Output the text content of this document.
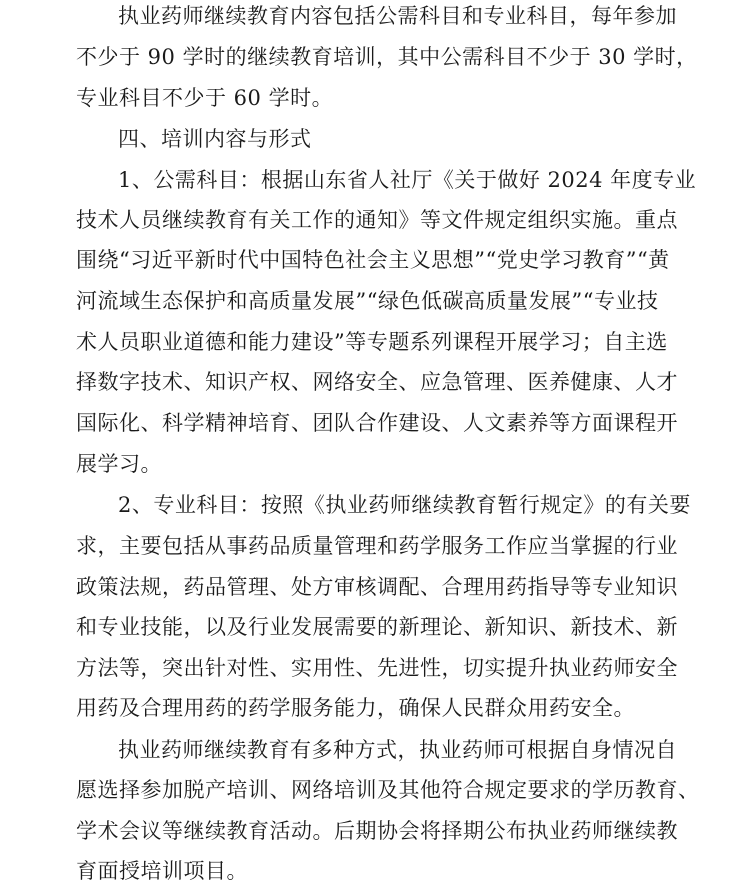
执业药师继续教育内容包括公需科目和专业科目，每年参加
不少于 90 学时的继续教育培训，其中公需科目不少于 30 学时，
专业科目不少于 60 学时。
四、培训内容与形式
1、公需科目：根据山东省人社厅《关于做好 2024 年度专业
技术人员继续教育有关工作的通知》等文件规定组织实施。重点
围绕“习近平新时代中国特色社会主义思想”“党史学习教育”“黄
河流域生态保护和高质量发展”“绿色低碳高质量发展”“专业技
术人员职业道德和能力建设”等专题系列课程开展学习；自主选
择数字技术、知识产权、网络安全、应急管理、医养健康、人才
国际化、科学精神培育、团队合作建设、人文素养等方面课程开
展学习。
2、专业科目：按照《执业药师继续教育暂行规定》的有关要
求，主要包括从事药品质量管理和药学服务工作应当掌握的行业
政策法规，药品管理、处方审核调配、合理用药指导等专业知识
和专业技能，以及行业发展需要的新理论、新知识、新技术、新
方法等，突出针对性、实用性、先进性，切实提升执业药师安全
用药及合理用药的药学服务能力，确保人民群众用药安全。
执业药师继续教育有多种方式，执业药师可根据自身情况自
愿选择参加脱产培训、网络培训及其他符合规定要求的学历教育、
学术会议等继续教育活动。后期协会将择期公布执业药师继续教
育面授培训项目。
